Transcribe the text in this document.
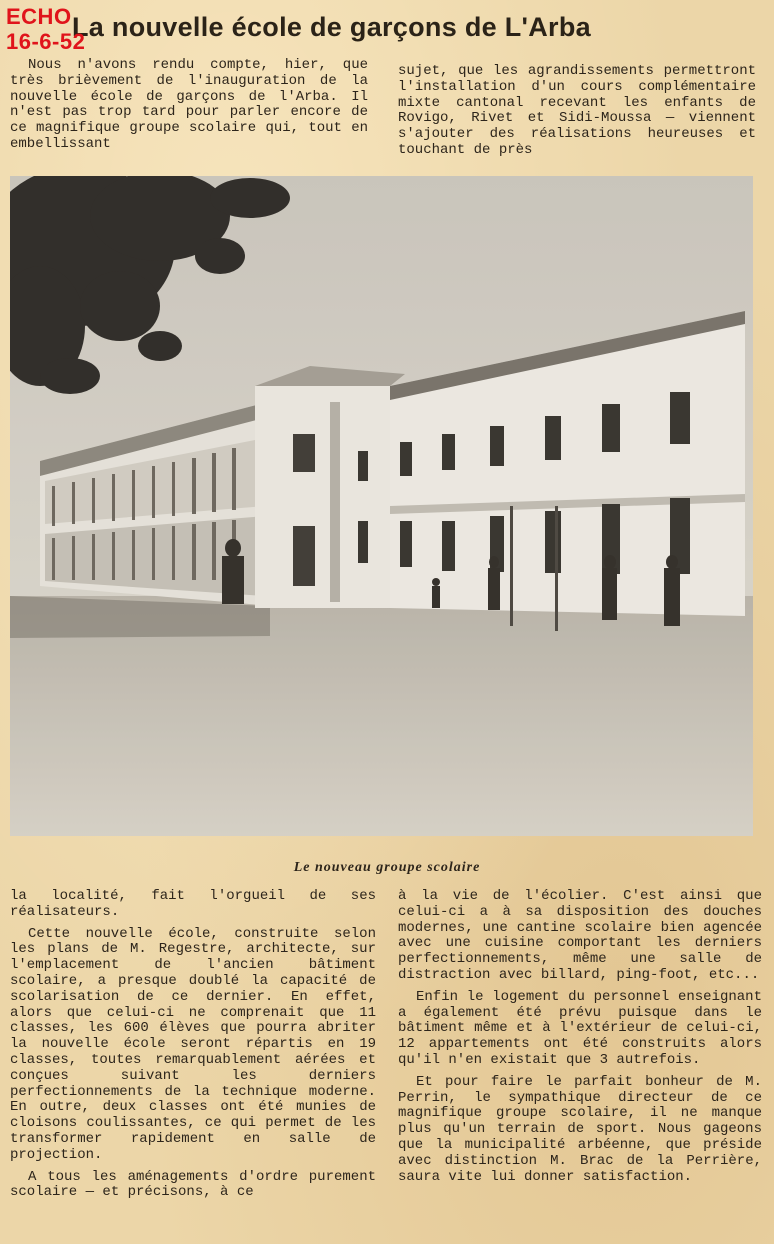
ECHO
16-6-52
La nouvelle école de garçons de L'Arba

Nous n'avons rendu compte, hier, que très brièvement de l'inauguration de la nouvelle école de garçons de l'Arba. Il n'est pas trop tard pour parler encore de ce magnifique groupe scolaire qui, tout en embellissant

sujet, que les agrandissements permettront l'installation d'un cours complémentaire mixte cantonal recevant les enfants de Rovigo, Rivet et Sidi-Moussa — viennent s'ajouter des réalisations heureuses et touchant de près

Le nouveau groupe scolaire

la localité, fait l'orgueil de ses réalisateurs.

Cette nouvelle école, construite selon les plans de M. Regestre, architecte, sur l'emplacement de l'ancien bâtiment scolaire, a presque doublé la capacité de scolarisation de ce dernier. En effet, alors que celui-ci ne comprenait que 11 classes, les 600 élèves que pourra abriter la nouvelle école seront répartis en 19 classes, toutes remarquablement aérées et conçues suivant les derniers perfectionnements de la technique moderne. En outre, deux classes ont été munies de cloisons coulissantes, ce qui permet de les transformer rapidement en salle de projection.

A tous les aménagements d'ordre purement scolaire — et précisons, à ce

à la vie de l'écolier. C'est ainsi que celui-ci a à sa disposition des douches modernes, une cantine scolaire bien agencée avec une cuisine comportant les derniers perfectionnements, même une salle de distraction avec billard, ping-foot, etc...

Enfin le logement du personnel enseignant a également été prévu puisque dans le bâtiment même et à l'extérieur de celui-ci, 12 appartements ont été construits alors qu'il n'en existait que 3 autrefois.

Et pour faire le parfait bonheur de M. Perrin, le sympathique directeur de ce magnifique groupe scolaire, il ne manque plus qu'un terrain de sport. Nous gageons que la municipalité arbéenne, que préside avec distinction M. Brac de la Perrière, saura vite lui donner satisfaction.
